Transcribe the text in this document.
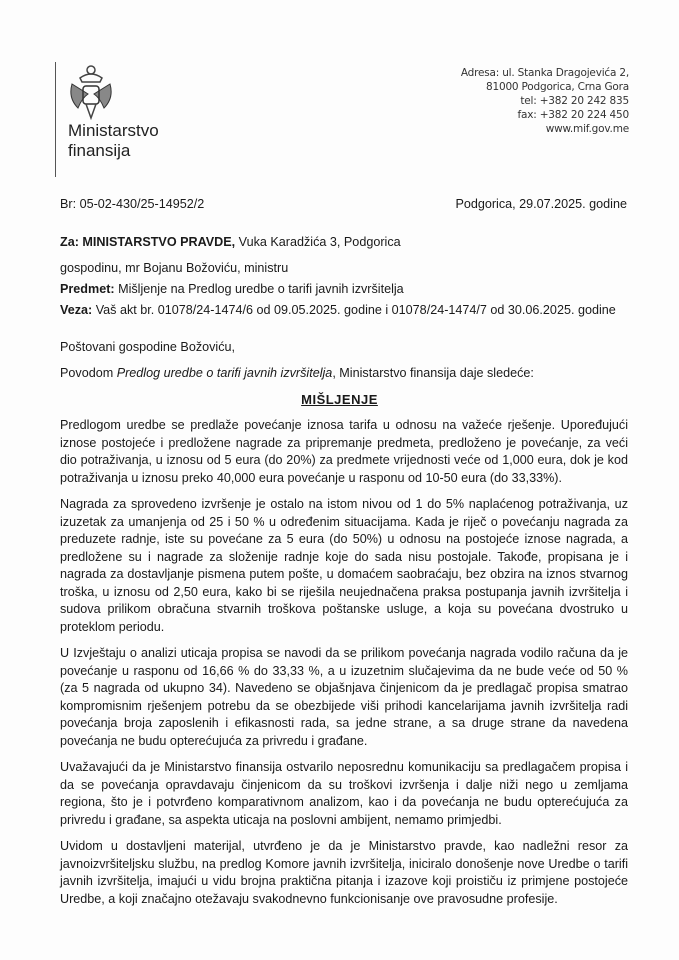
Ministarstvo
finansija
Adresa: ul. Stanka Dragojevića 2,
81000 Podgorica, Crna Gora
tel: +382 20 242 835
fax: +382 20 224 450
www.mif.gov.me
Br: 05-02-430/25-14952/2	Podgorica, 29.07.2025. godine
Za: MINISTARSTVO PRAVDE, Vuka Karadžića 3, Podgorica
gospodinu, mr Bojanu Božoviću, ministru
Predmet: Mišljenje na Predlog uredbe o tarifi javnih izvršitelja
Veza: Vaš akt br. 01078/24-1474/6 od 09.05.2025. godine i 01078/24-1474/7 od 30.06.2025. godine
Poštovani gospodine Božoviću,
Povodom Predlog uredbe o tarifi javnih izvršitelja, Ministarstvo finansija daje sledeće:
MIŠLJENJE

Predlogom uredbe se predlaže povećanje iznosa tarifa u odnosu na važeće rješenje. Upoređujući iznose postojeće i predložene nagrade za pripremanje predmeta, predloženo je povećanje, za veći dio potraživanja, u iznosu od 5 eura (do 20%) za predmete vrijednosti veće od 1,000 eura, dok je kod potraživanja u iznosu preko 40,000 eura povećanje u rasponu od 10-50 eura (do 33,33%).

Nagrada za sprovedeno izvršenje je ostalo na istom nivou od 1 do 5% naplaćenog potraživanja, uz izuzetak za umanjenja od 25 i 50 % u određenim situacijama. Kada je riječ o povećanju nagrada za preduzete radnje, iste su povećane za 5 eura (do 50%) u odnosu na postojeće iznose nagrada, a predložene su i nagrade za složenije radnje koje do sada nisu postojale. Takođe, propisana je i nagrada za dostavljanje pismena putem pošte, u domaćem saobraćaju, bez obzira na iznos stvarnog troška, u iznosu od 2,50 eura, kako bi se riješila neujednačena praksa postupanja javnih izvršitelja i sudova prilikom obračuna stvarnih troškova poštanske usluge, a koja su povećana dvostruko u proteklom periodu.

U Izvještaju o analizi uticaja propisa se navodi da se prilikom povećanja nagrada vodilo računa da je povećanje u rasponu od 16,66 % do 33,33 %, a u izuzetnim slučajevima da ne bude veće od 50 % (za 5 nagrada od ukupno 34). Navedeno se objašnjava činjenicom da je predlagač propisa smatrao kompromisnim rješenjem potrebu da se obezbijede viši prihodi kancelarijama javnih izvršitelja radi povećanja broja zaposlenih i efikasnosti rada, sa jedne strane, a sa druge strane da navedena povećanja ne budu opterećujuća za privredu i građane.

Uvažavajući da je Ministarstvo finansija ostvarilo neposrednu komunikaciju sa predlagačem propisa i da se povećanja opravdavaju činjenicom da su troškovi izvršenja i dalje niži nego u zemljama regiona, što je i potvrđeno komparativnom analizom, kao i da povećanja ne budu opterećujuća za privredu i građane, sa aspekta uticaja na poslovni ambijent, nemamo primjedbi.

Uvidom u dostavljeni materijal, utvrđeno je da je Ministarstvo pravde, kao nadležni resor za javnoizvršiteljsku službu, na predlog Komore javnih izvršitelja, iniciralo donošenje nove Uredbe o tarifi javnih izvršitelja, imajući u vidu brojna praktična pitanja i izazove koji proističu iz primjene postojeće Uredbe, a koji značajno otežavaju svakodnevno funkcionisanje ove pravosudne profesije.
